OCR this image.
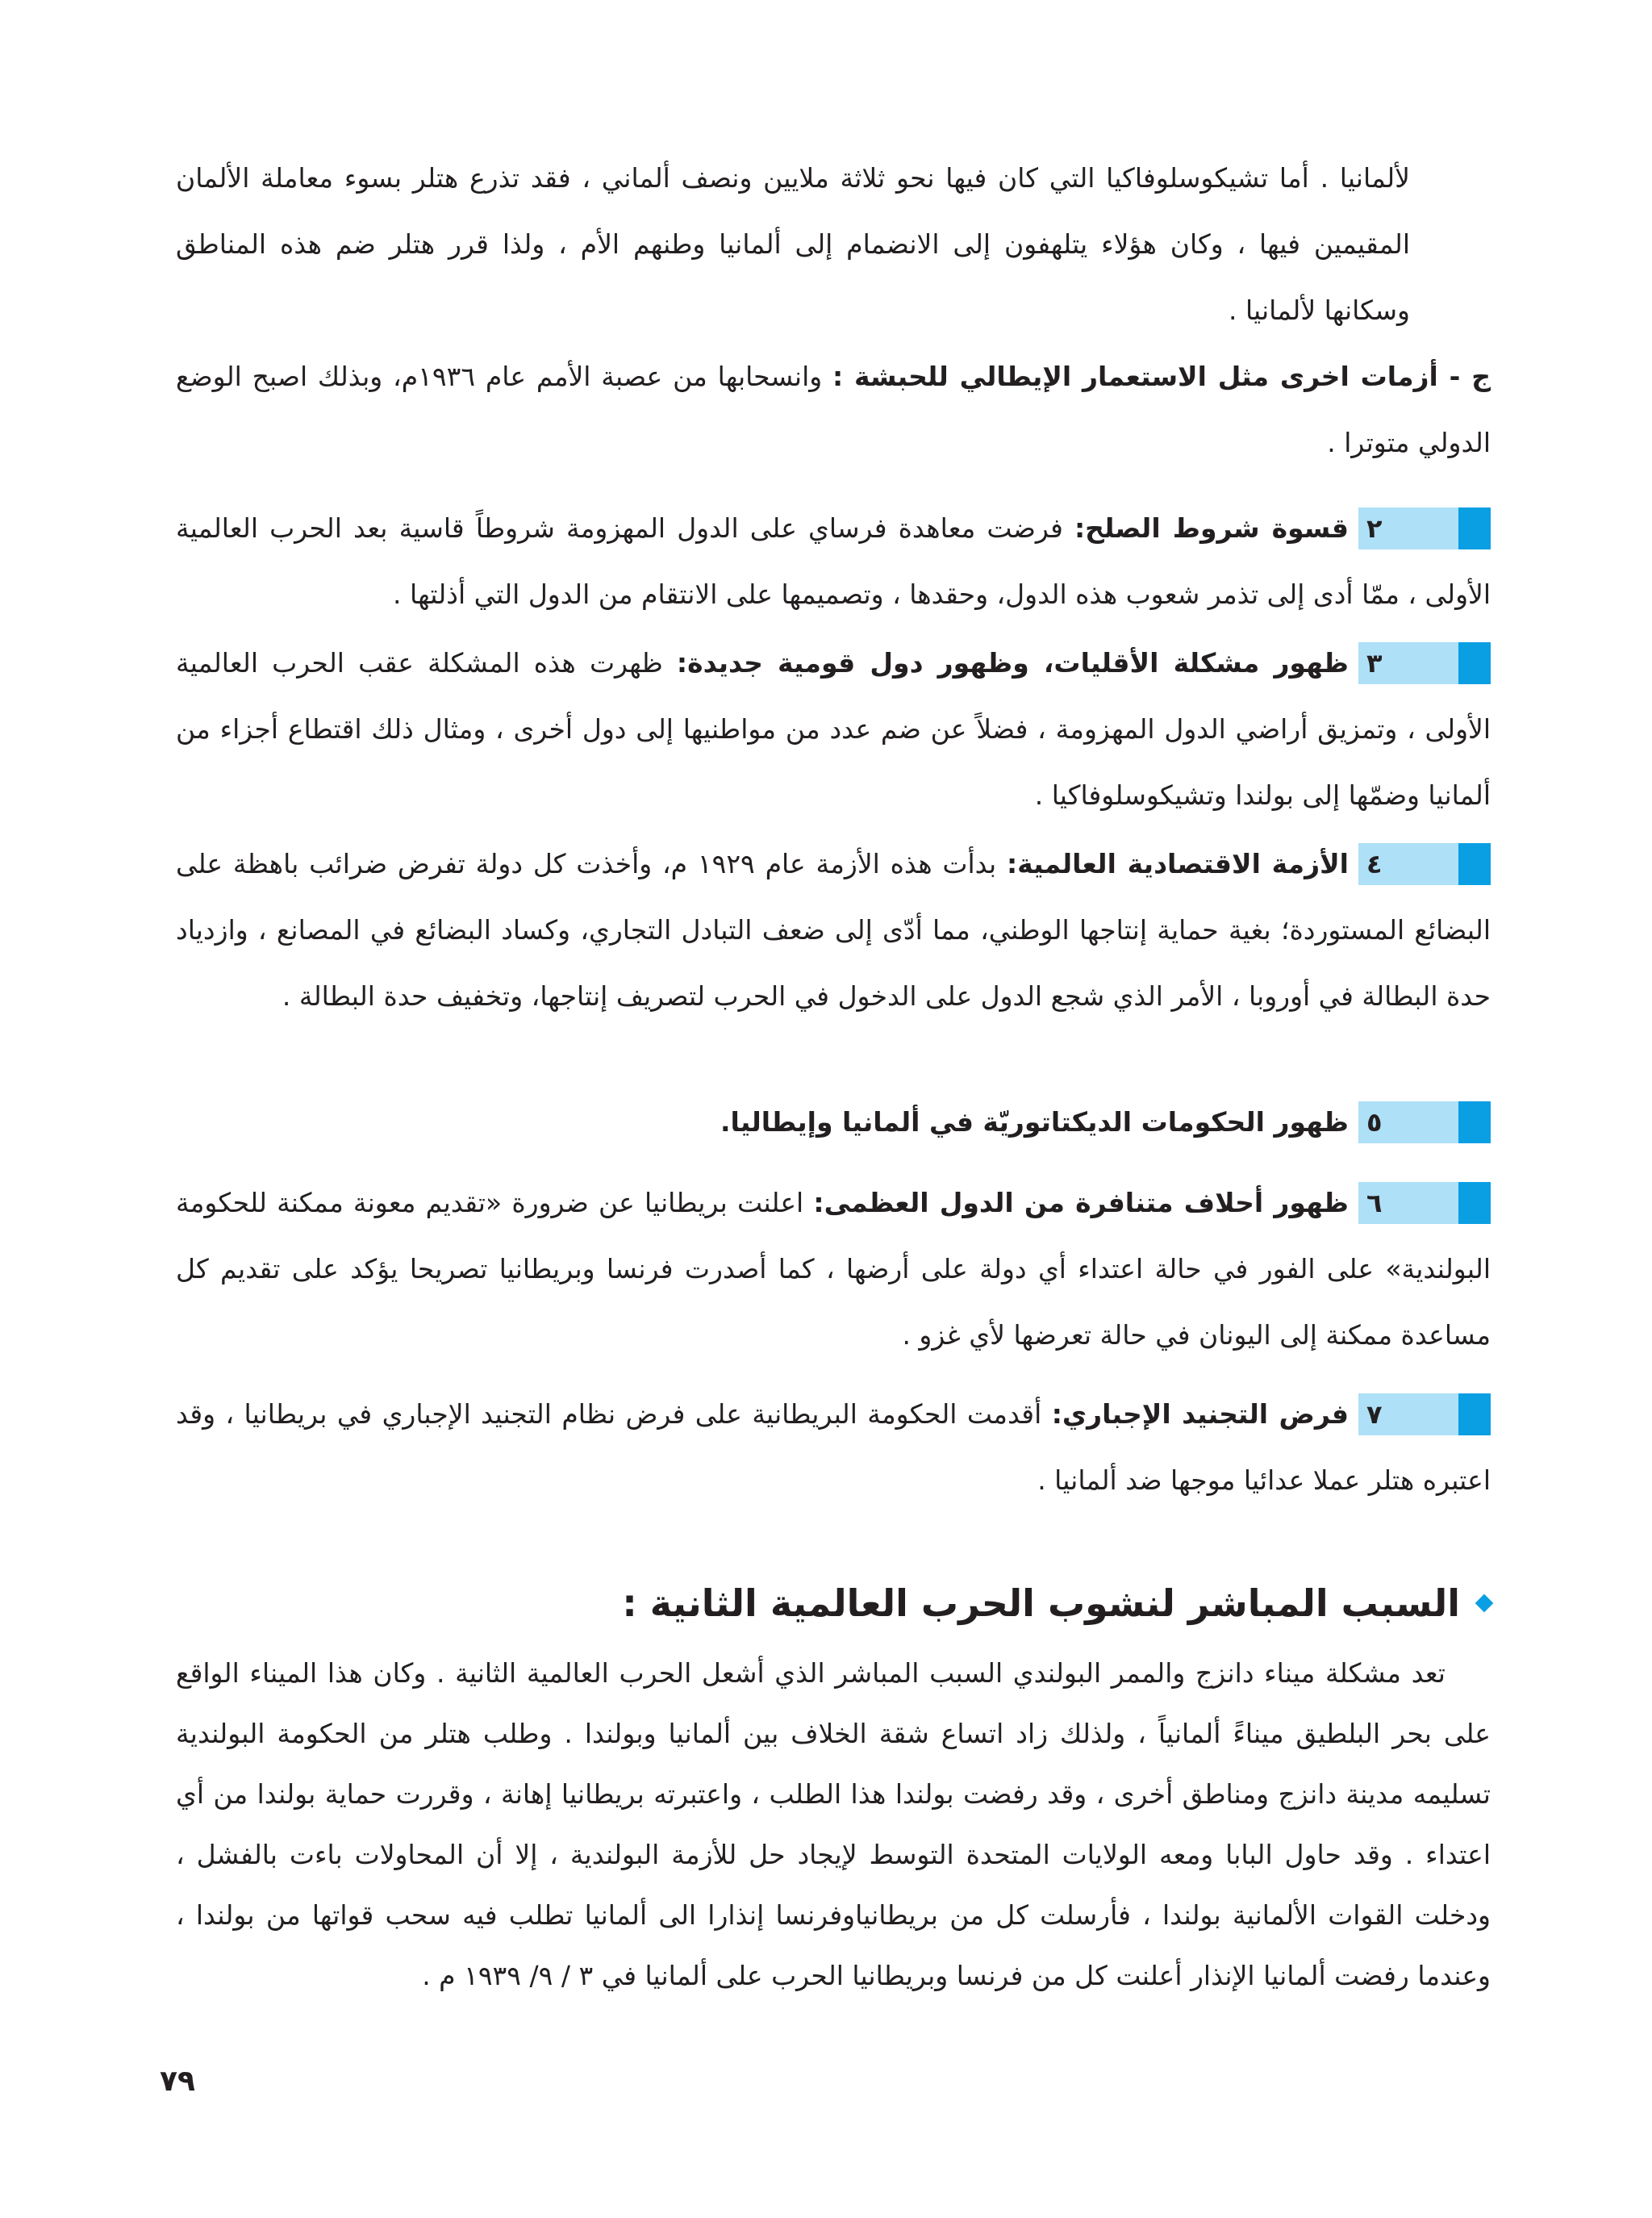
لألمانيا . أما تشيكوسلوفاكيا التي كان فيها نحو ثلاثة ملايين ونصف ألماني ، فقد تذرع هتلر بسوء معاملة الألمان المقيمين فيها ، وكان هؤلاء يتلهفون إلى الانضمام إلى ألمانيا وطنهم الأم ، ولذا قرر هتلر ضم هذه المناطق وسكانها لألمانيا .

ج - أزمات اخرى مثل الاستعمار الإيطالي للحبشة : وانسحابها من عصبة الأمم عام ١٩٣٦م، وبذلك اصبح الوضع الدولي متوترا .

٢

قسوة شروط الصلح: فرضت معاهدة فرساي على الدول المهزومة شروطاً قاسية بعد الحرب العالمية الأولى ، ممّا أدى إلى تذمر شعوب هذه الدول، وحقدها ، وتصميمها على الانتقام من الدول التي أذلتها .

٣

ظهور مشكلة الأقليات، وظهور دول قومية جديدة: ظهرت هذه المشكلة عقب الحرب العالمية الأولى ، وتمزيق أراضي الدول المهزومة ، فضلاً عن ضم عدد من مواطنيها إلى دول أخرى ، ومثال ذلك اقتطاع أجزاء من ألمانيا وضمّها إلى بولندا وتشيكوسلوفاكيا .

٤

الأزمة الاقتصادية العالمية: بدأت هذه الأزمة عام ١٩٢٩ م، وأخذت كل دولة تفرض ضرائب باهظة على البضائع المستوردة؛ بغية حماية إنتاجها الوطني، مما أدّى إلى ضعف التبادل التجاري، وكساد البضائع في المصانع ، وازدياد حدة البطالة في أوروبا ، الأمر الذي شجع الدول على الدخول في الحرب لتصريف إنتاجها، وتخفيف حدة البطالة .

٥

ظهور الحكومات الديكتاتوريّة في ألمانيا وإيطاليا.

٦

ظهور أحلاف متنافرة من الدول العظمى: اعلنت بريطانيا عن ضرورة «تقديم معونة ممكنة للحكومة البولندية» على الفور في حالة اعتداء أي دولة على أرضها ، كما أصدرت فرنسا وبريطانيا تصريحا يؤكد على تقديم كل مساعدة ممكنة إلى اليونان في حالة تعرضها لأي غزو .

٧

فرض التجنيد الإجباري: أقدمت الحكومة البريطانية على فرض نظام التجنيد الإجباري في بريطانيا ، وقد اعتبره هتلر عملا عدائيا موجها ضد ألمانيا .

السبب المباشر لنشوب الحرب العالمية الثانية :

تعد مشكلة ميناء دانزج والممر البولندي السبب المباشر الذي أشعل الحرب العالمية الثانية . وكان هذا الميناء الواقع على بحر البلطيق ميناءً ألمانياً ، ولذلك زاد اتساع شقة الخلاف بين ألمانيا وبولندا . وطلب هتلر من الحكومة البولندية تسليمه مدينة دانزج ومناطق أخرى ، وقد رفضت بولندا هذا الطلب ، واعتبرته بريطانيا إهانة ، وقررت حماية بولندا من أي اعتداء . وقد حاول البابا ومعه الولايات المتحدة التوسط لإيجاد حل للأزمة البولندية ، إلا أن المحاولات باءت بالفشل ، ودخلت القوات الألمانية بولندا ، فأرسلت كل من بريطانياوفرنسا إنذارا الى ألمانيا تطلب فيه سحب قواتها من بولندا ، وعندما رفضت ألمانيا الإنذار أعلنت كل من فرنسا وبريطانيا الحرب على ألمانيا في ٣ / ٩/ ١٩٣٩ م .

٧٩
